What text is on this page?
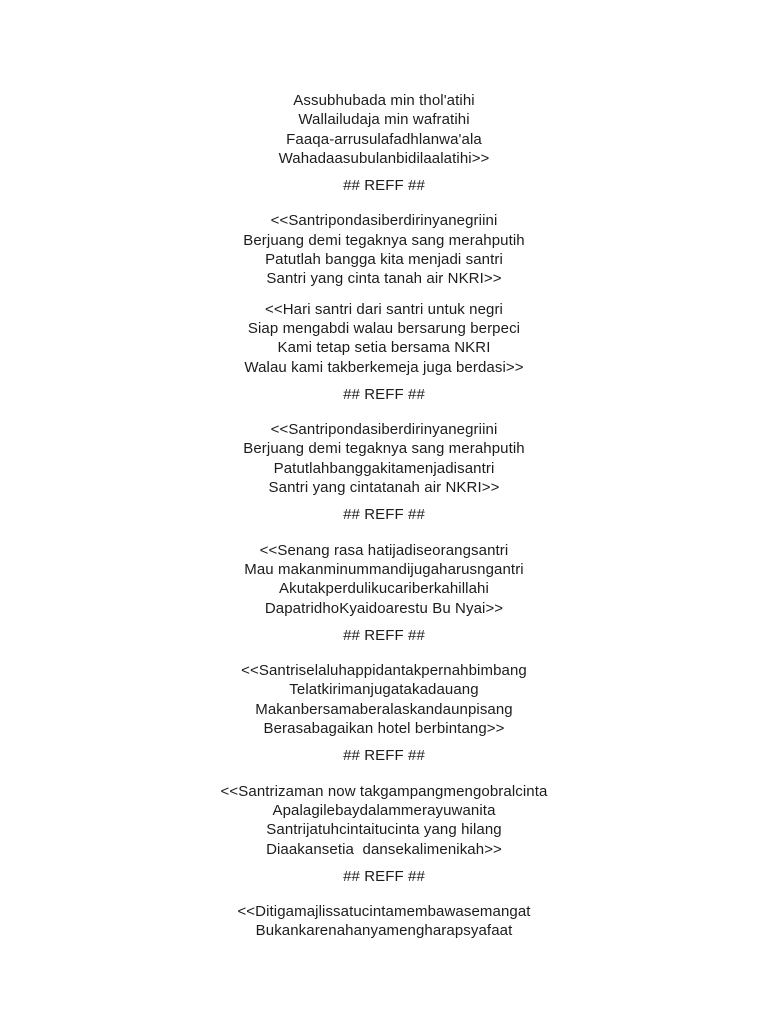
Assubhubada min thol'atihi
Wallailudaja min wafratihi
Faaqa-arrusulafadhlanwa'ala
Wahadaasubulanbidilaalatihi>>
## REFF ##
<<Santripondasiberdirinyanegriini
Berjuang demi tegaknya sang merahputih
Patutlah bangga kita menjadi santri
Santri yang cinta tanah air NKRI>>
<<Hari santri dari santri untuk negri
Siap mengabdi walau bersarung berpeci
Kami tetap setia bersama NKRI
Walau kami takberkemeja juga berdasi>>
## REFF ##
<<Santripondasiberdirinyanegriini
Berjuang demi tegaknya sang merahputih
Patutlahbanggakitamenjadisantri
Santri yang cintatanah air NKRI>>
## REFF ##
<<Senang rasa hatijadiseorangsantri
Mau makanminummandijugaharusngantri
Akutakperdulikucariberkahillahi
DapatridhoKyaidoarestu Bu Nyai>>
## REFF ##
<<Santriselaluhappidantakpernahbimbang
Telatkirimanjugatakadauang
Makanbersamaberalaskandaunpisang
Berasabagaikan hotel berbintang>>
## REFF ##
<<Santrizaman now takgampangmengobralcinta
Apalagilebaydalammerayuwanita
Santrijatuhcintaitucinta yang hilang
Diaakansetia  dansekalimenikah>>
## REFF ##
<<Ditigamajlissatucintamembawasemangat
Bukankarenahanyamengharapsyafaat
